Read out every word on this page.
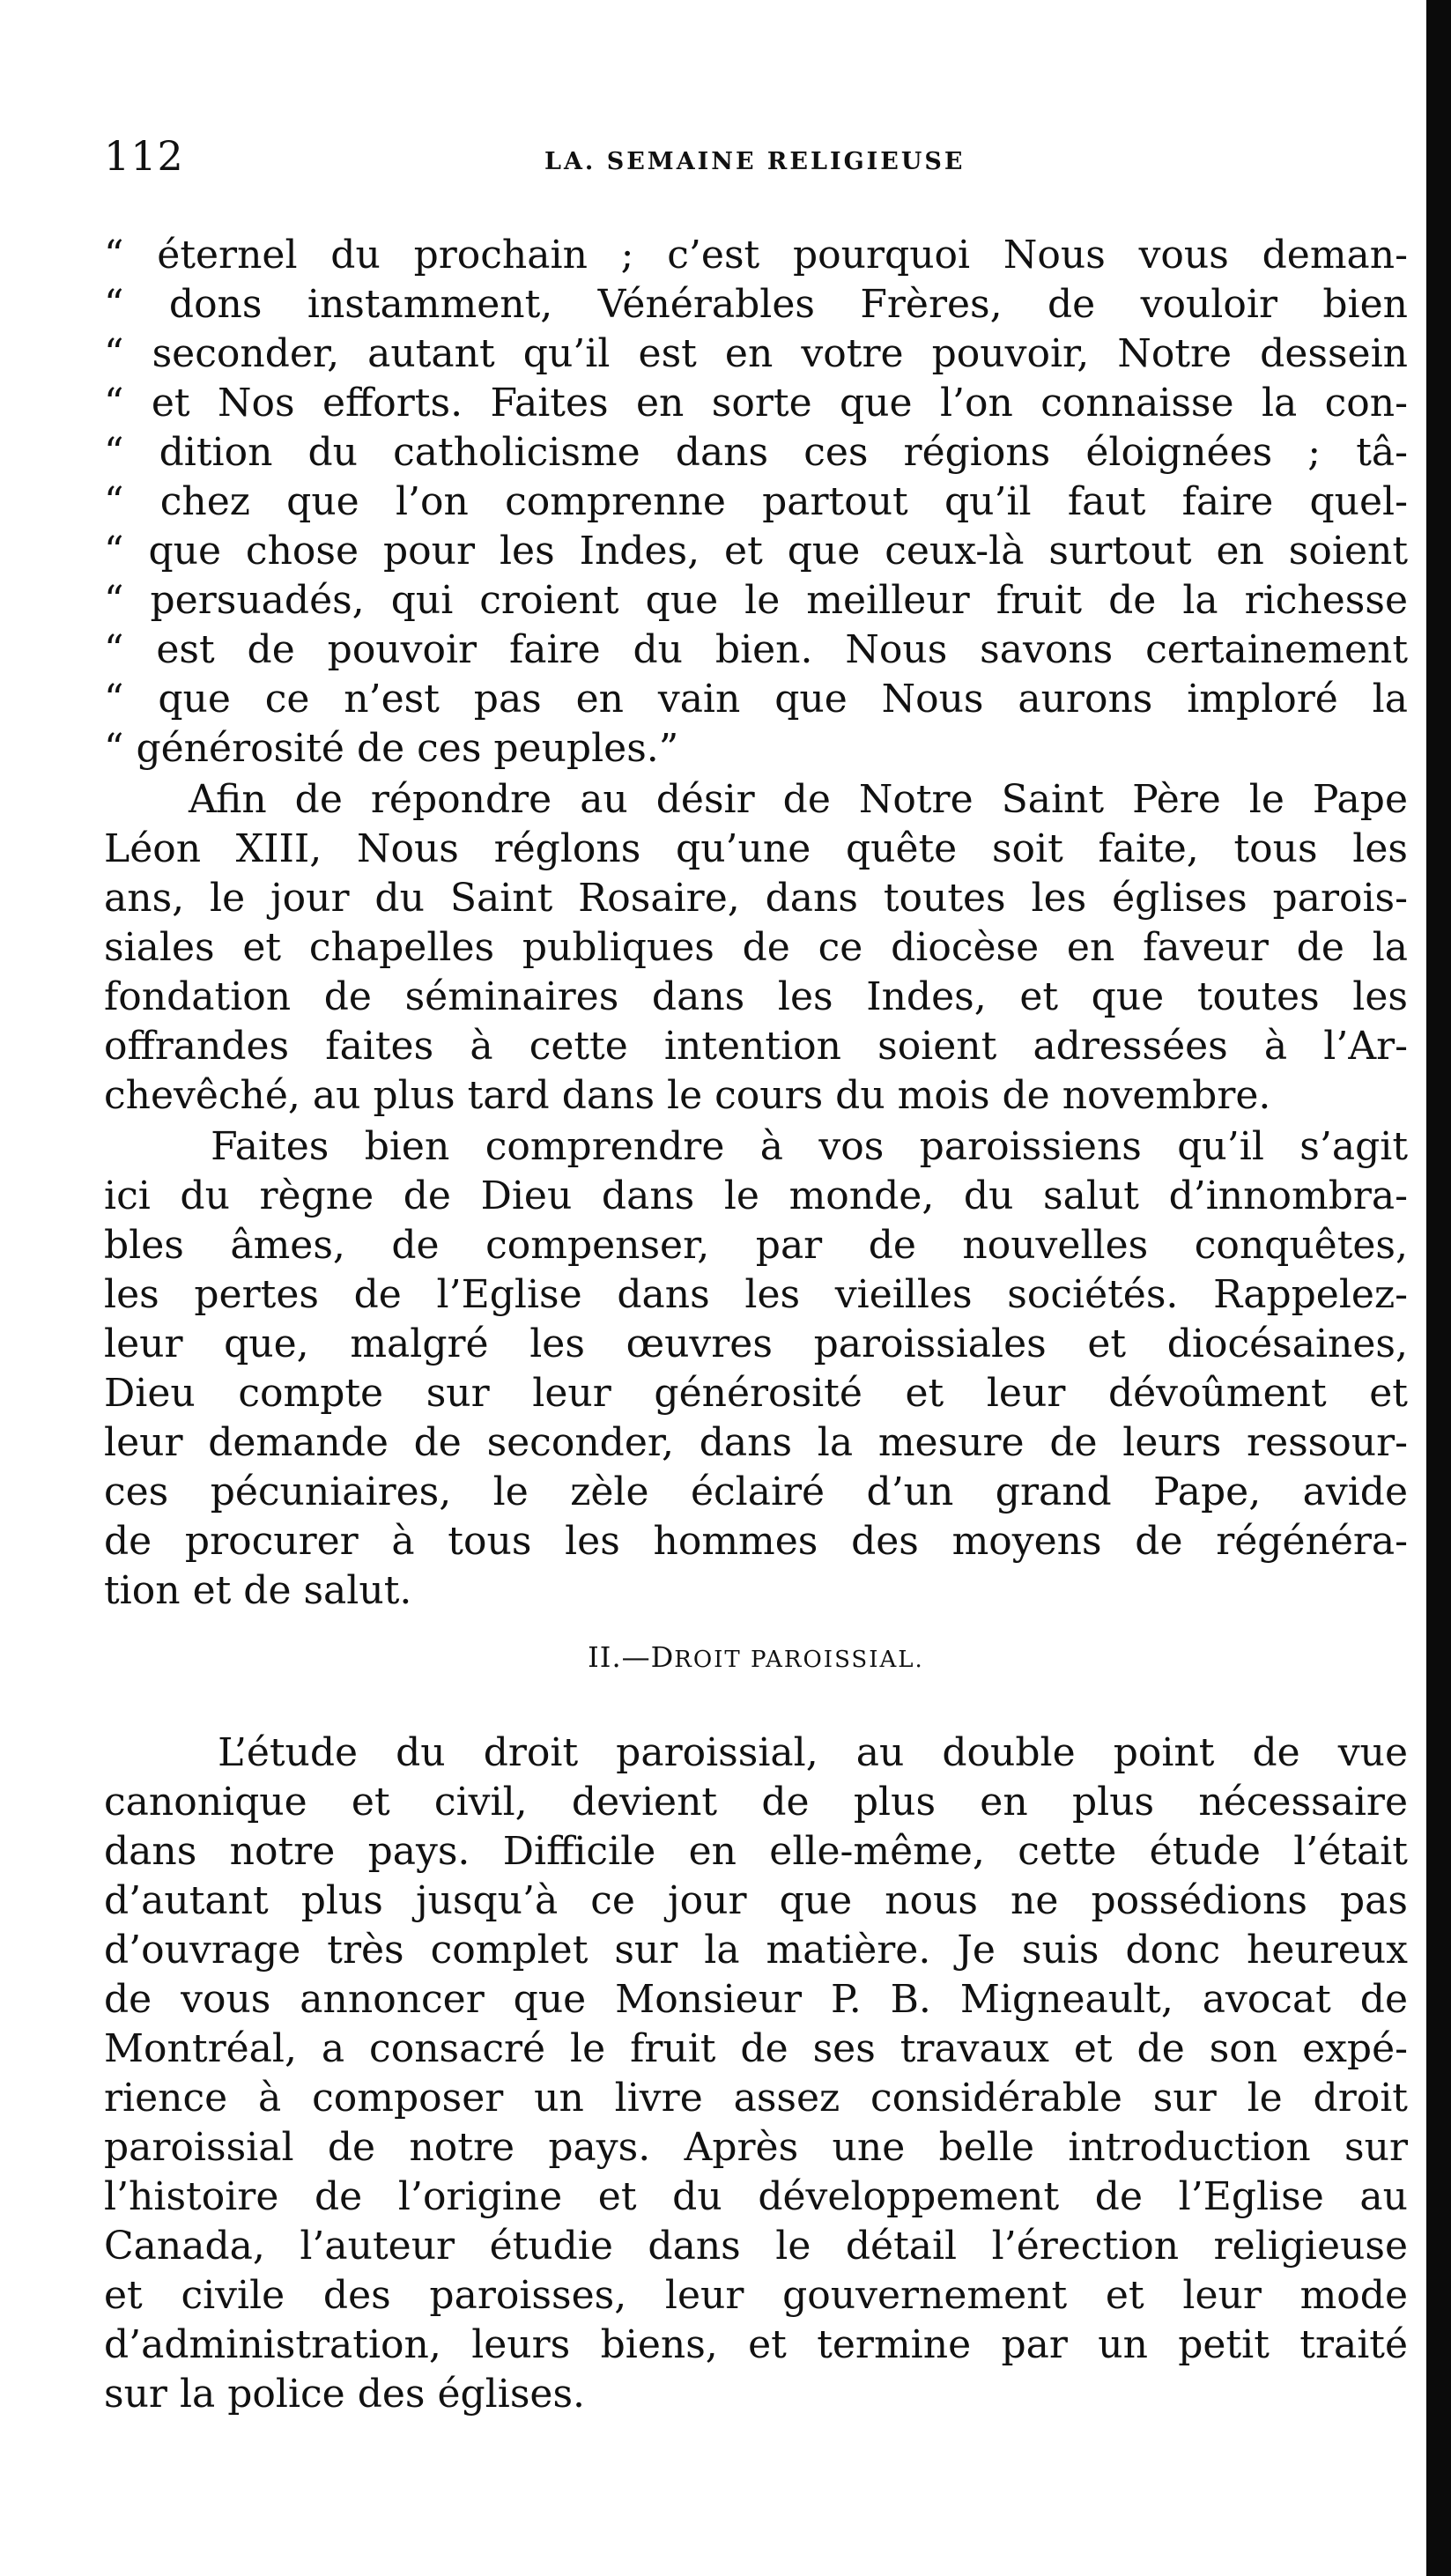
112	LA. SEMAINE RELIGIEUSE
“ éternel du prochain ; c’est pourquoi Nous vous deman-
“ dons instamment, Vénérables Frères, de vouloir bien
“ seconder, autant qu’il est en votre pouvoir, Notre dessein
“ et Nos efforts. Faites en sorte que l’on connaisse la con-
“ dition du catholicisme dans ces régions éloignées ; tâ-
“ chez que l’on comprenne partout qu’il faut faire quel-
“ que chose pour les Indes, et que ceux-là surtout en soient
“ persuadés, qui croient que le meilleur fruit de la richesse
“ est de pouvoir faire du bien. Nous savons certainement
“ que ce n’est pas en vain que Nous aurons imploré la
“ générosité de ces peuples.”
Afin de répondre au désir de Notre Saint Père le Pape
Léon XIII, Nous réglons qu’une quête soit faite, tous les
ans, le jour du Saint Rosaire, dans toutes les églises parois-
siales et chapelles publiques de ce diocèse en faveur de la
fondation de séminaires dans les Indes, et que toutes les
offrandes faites à cette intention soient adressées à l’Ar-
chevêché, au plus tard dans le cours du mois de novembre.
Faites bien comprendre à vos paroissiens qu’il s’agit
ici du règne de Dieu dans le monde, du salut d’innombra-
bles âmes, de compenser, par de nouvelles conquêtes,
les pertes de l’Eglise dans les vieilles sociétés. Rappelez-
leur que, malgré les œuvres paroissiales et diocésaines,
Dieu compte sur leur générosité et leur dévoûment et
leur demande de seconder, dans la mesure de leurs ressour-
ces pécuniaires, le zèle éclairé d’un grand Pape, avide
de procurer à tous les hommes des moyens de régénéra-
tion et de salut.
II.—DROIT PAROISSIAL.
L’étude du droit paroissial, au double point de vue
canonique et civil, devient de plus en plus nécessaire
dans notre pays. Difficile en elle-même, cette étude l’était
d’autant plus jusqu’à ce jour que nous ne possédions pas
d’ouvrage très complet sur la matière. Je suis donc heureux
de vous annoncer que Monsieur P. B. Migneault, avocat de
Montréal, a consacré le fruit de ses travaux et de son expé-
rience à composer un livre assez considérable sur le droit
paroissial de notre pays. Après une belle introduction sur
l’histoire de l’origine et du développement de l’Eglise au
Canada, l’auteur étudie dans le détail l’érection religieuse
et civile des paroisses, leur gouvernement et leur mode
d’administration, leurs biens, et termine par un petit traité
sur la police des églises.
